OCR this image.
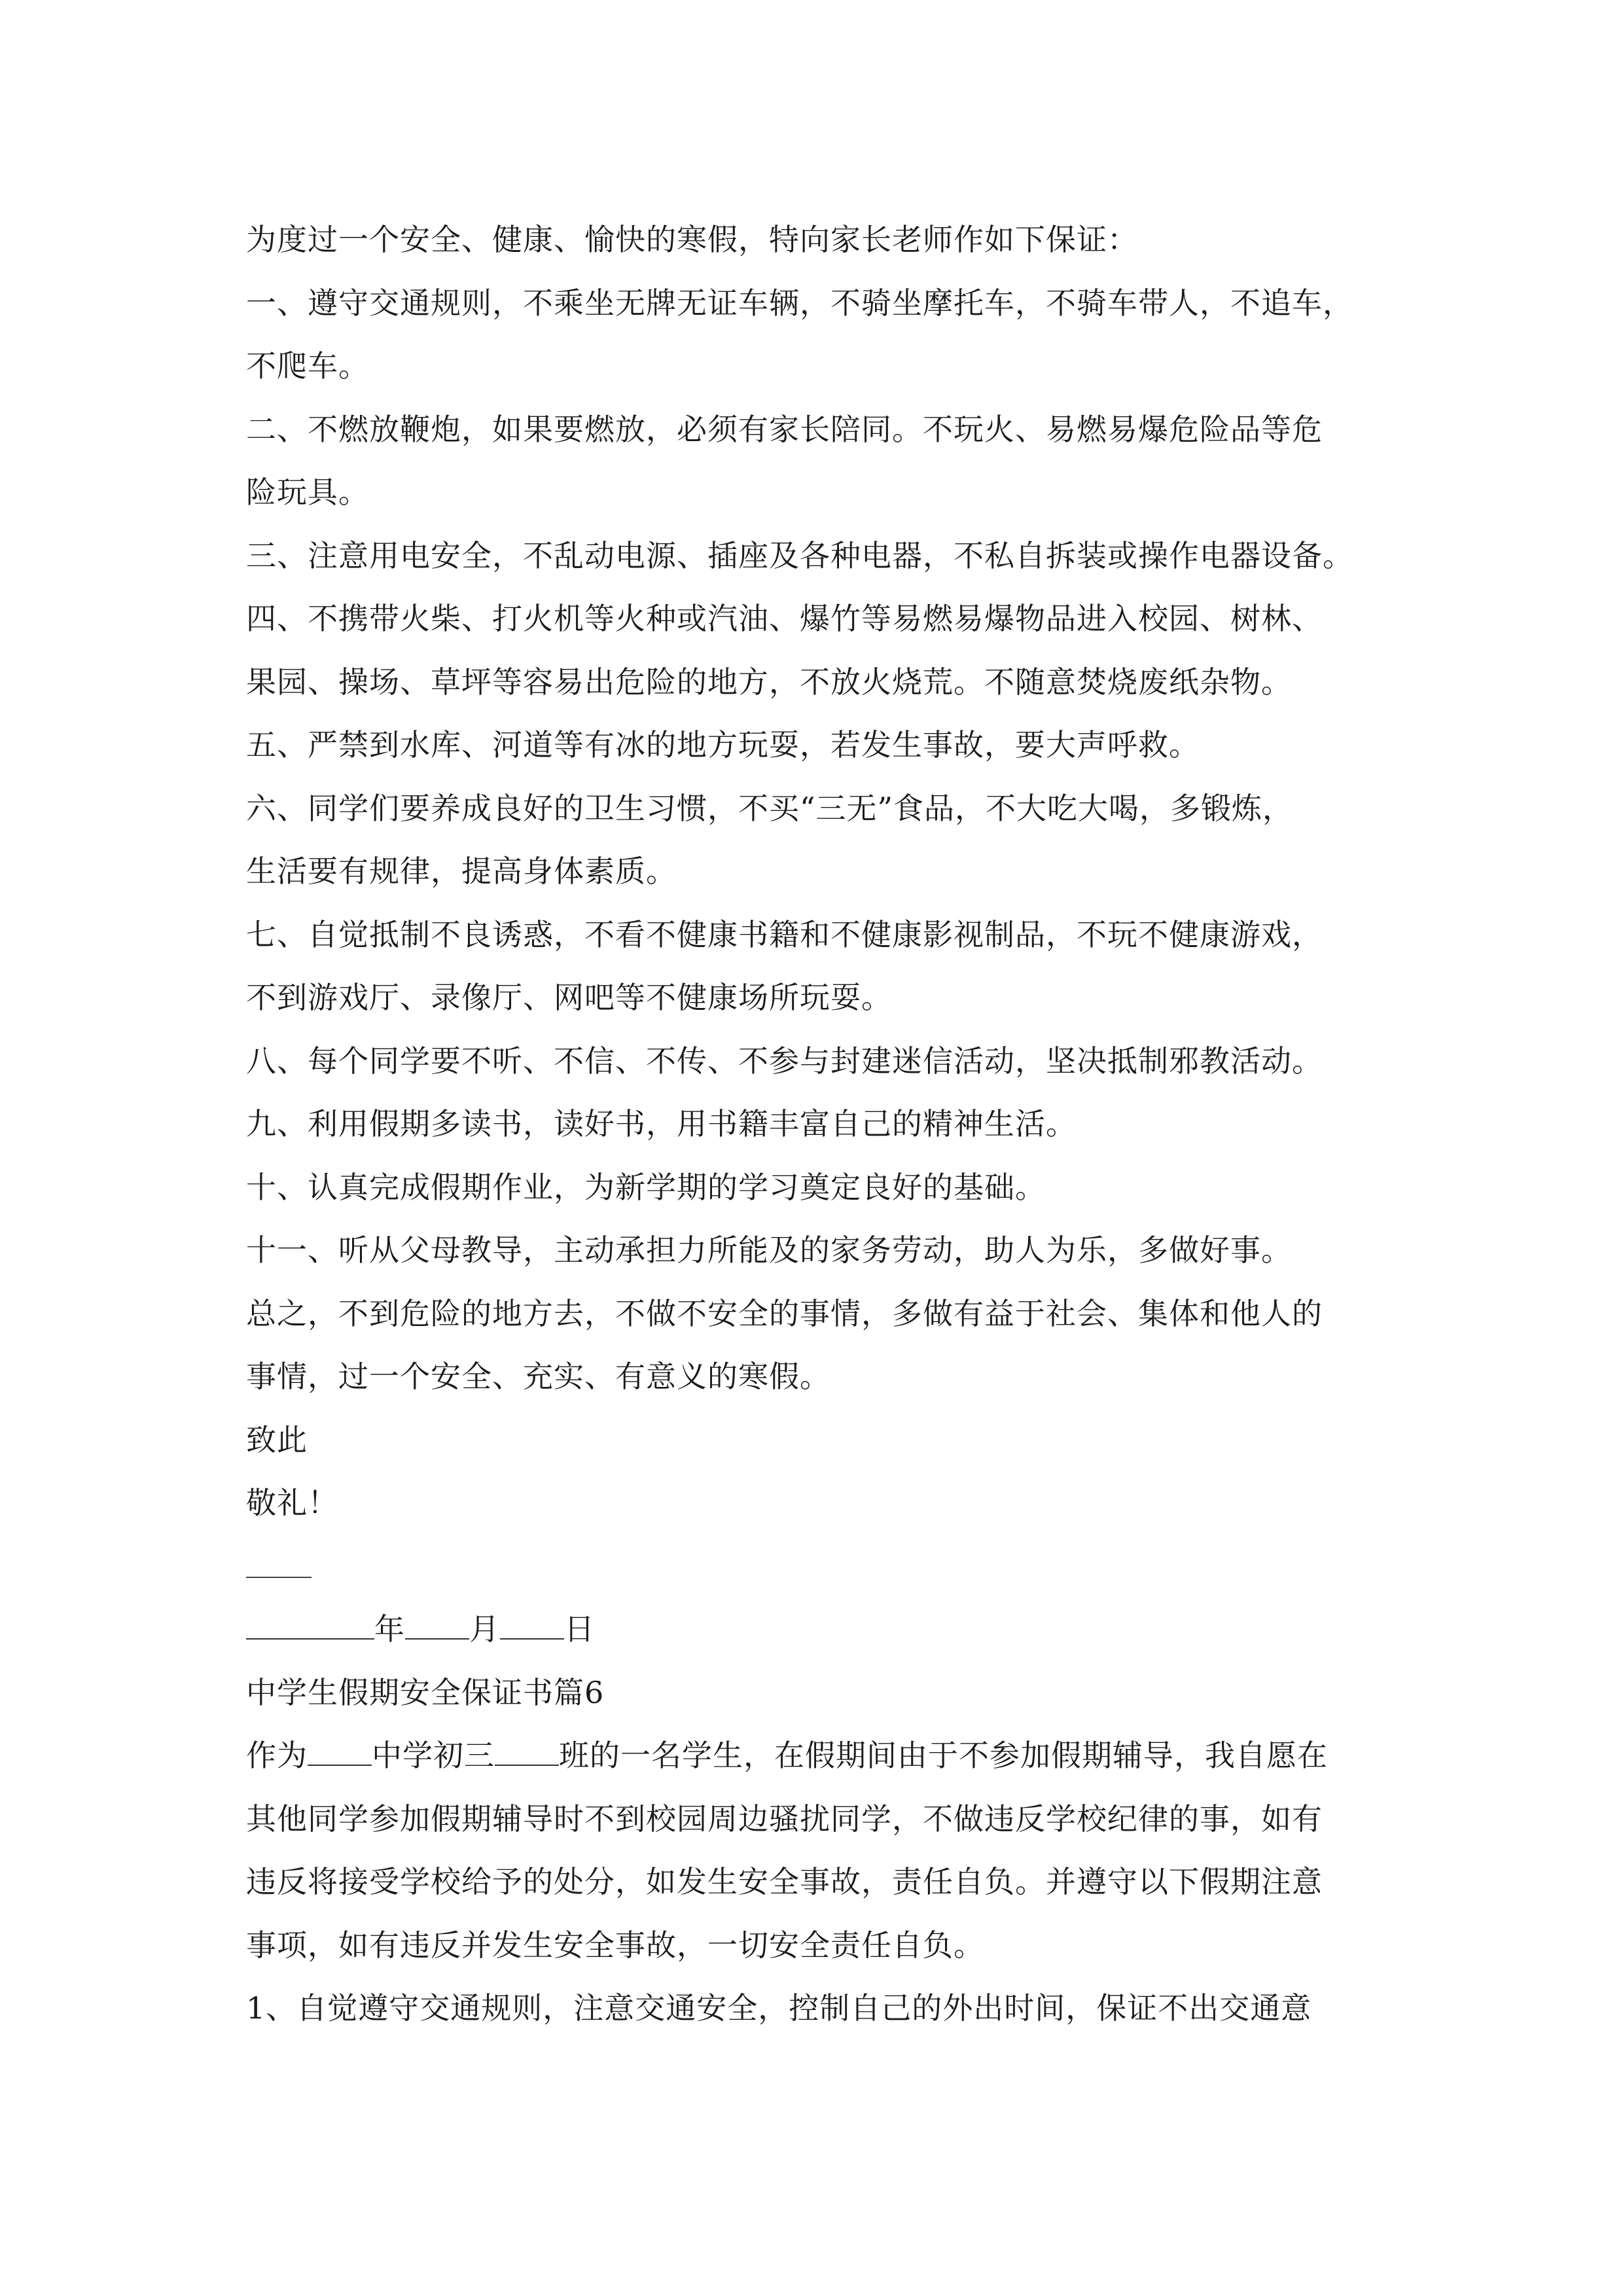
为度过一个安全、健康、愉快的寒假，特向家长老师作如下保证：
一、遵守交通规则，不乘坐无牌无证车辆，不骑坐摩托车，不骑车带人，不追车，
不爬车。
二、不燃放鞭炮，如果要燃放，必须有家长陪同。不玩火、易燃易爆危险品等危
险玩具。
三、注意用电安全，不乱动电源、插座及各种电器，不私自拆装或操作电器设备。
四、不携带火柴、打火机等火种或汽油、爆竹等易燃易爆物品进入校园、树林、
果园、操场、草坪等容易出危险的地方，不放火烧荒。不随意焚烧废纸杂物。
五、严禁到水库、河道等有冰的地方玩耍，若发生事故，要大声呼救。
六、同学们要养成良好的卫生习惯，不买“三无”食品，不大吃大喝，多锻炼，
生活要有规律，提高身体素质。
七、自觉抵制不良诱惑，不看不健康书籍和不健康影视制品，不玩不健康游戏，
不到游戏厅、录像厅、网吧等不健康场所玩耍。
八、每个同学要不听、不信、不传、不参与封建迷信活动，坚决抵制邪教活动。
九、利用假期多读书，读好书，用书籍丰富自己的精神生活。
十、认真完成假期作业，为新学期的学习奠定良好的基础。
十一、听从父母教导，主动承担力所能及的家务劳动，助人为乐，多做好事。
总之，不到危险的地方去，不做不安全的事情，多做有益于社会、集体和他人的
事情，过一个安全、充实、有意义的寒假。
致此
敬礼！
年 月 日
中学生假期安全保证书篇6
作为 中学初三 班的一名学生，在假期间由于不参加假期辅导，我自愿在
其他同学参加假期辅导时不到校园周边骚扰同学，不做违反学校纪律的事，如有
违反将接受学校给予的处分，如发生安全事故，责任自负。并遵守以下假期注意
事项，如有违反并发生安全事故，一切安全责任自负。
1、自觉遵守交通规则，注意交通安全，控制自己的外出时间，保证不出交通意
